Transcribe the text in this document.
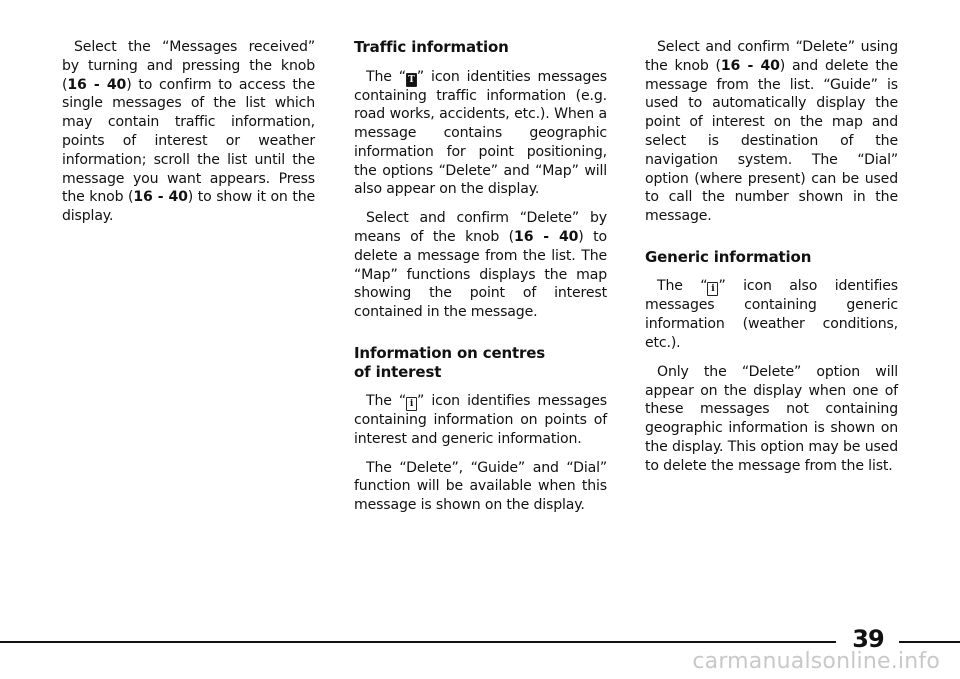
Select the “Messages received” by turning and pressing the knob (16 - 40) to confirm to access the single messages of the list which may contain traffic information, points of interest or weather information; scroll the list until the message you want appears. Press the knob (16 - 40) to show it on the display.

Traffic information

The “ T ” icon identities messages containing traffic information (e.g. road works, accidents, etc.). When a message contains geographic information for point positioning, the options “Delete” and “Map” will also appear on the display.

Select and confirm “Delete” by means of the knob (16 - 40) to delete a message from the list. The “Map” functions displays the map showing the point of interest contained in the message.

Information on centres
of interest

The “ i ” icon identifies messages containing information on points of interest and generic information.

The “Delete”, “Guide” and “Dial” function will be available when this message is shown on the display.

Select and confirm “Delete” using the knob (16 - 40) and delete the message from the list. “Guide” is used to automatically display the point of interest on the map and select is destination of the navigation system. The “Dial” option (where present) can be used to call the number shown in the message.

Generic information

The “ i ” icon also identifies messages containing generic information (weather conditions, etc.).

Only the “Delete” option will appear on the display when one of these messages not containing geographic information is shown on the display. This option may be used to delete the message from the list.

39
carmanualsonline.info
